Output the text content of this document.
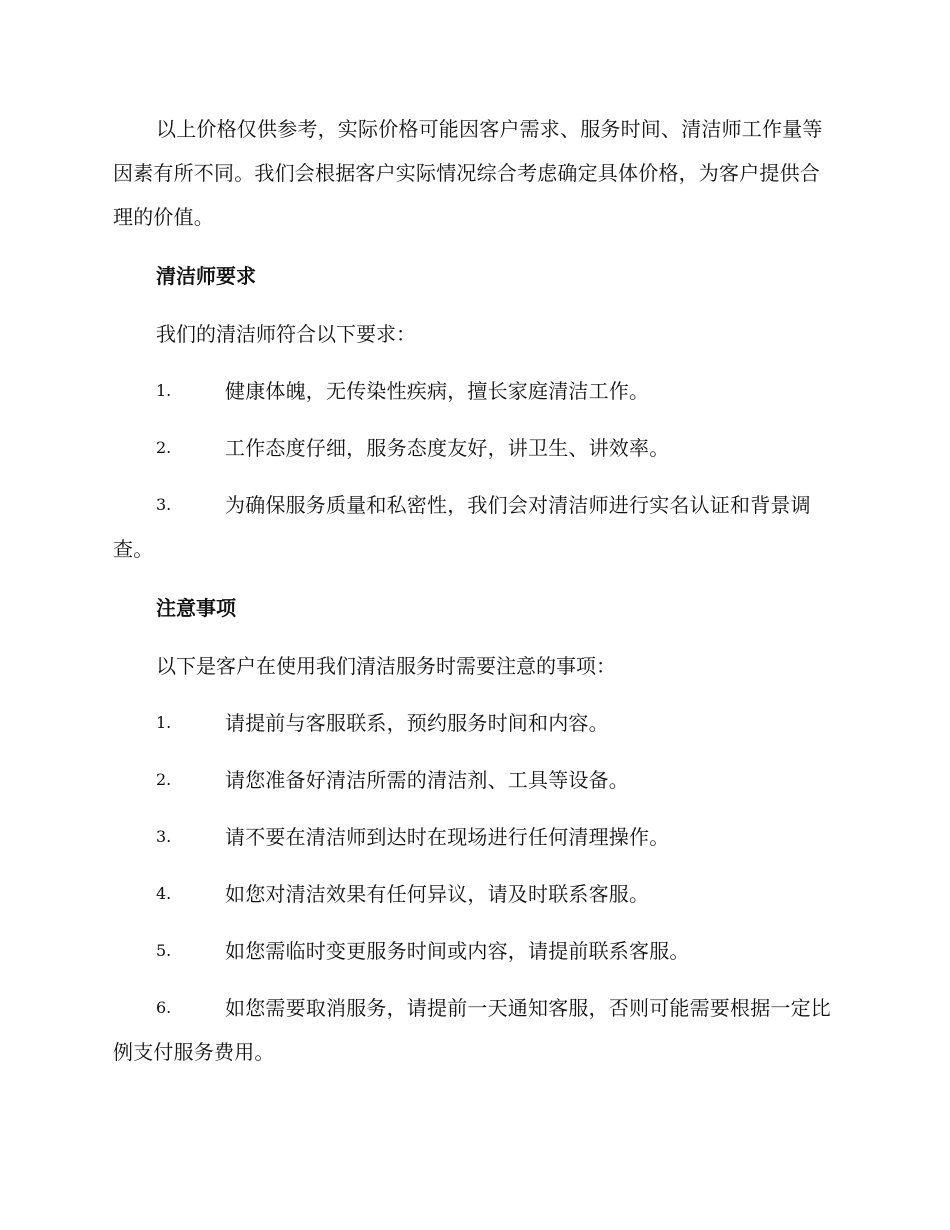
以上价格仅供参考，实际价格可能因客户需求、服务时间、清洁师工作量等因素有所不同。我们会根据客户实际情况综合考虑确定具体价格，为客户提供合理的价值。

清洁师要求

我们的清洁师符合以下要求：

1.	健康体魄，无传染性疾病，擅长家庭清洁工作。
2.	工作态度仔细，服务态度友好，讲卫生、讲效率。
3.	为确保服务质量和私密性，我们会对清洁师进行实名认证和背景调查。
注意事项

以下是客户在使用我们清洁服务时需要注意的事项：

1.	请提前与客服联系，预约服务时间和内容。
2.	请您准备好清洁所需的清洁剂、工具等设备。
3.	请不要在清洁师到达时在现场进行任何清理操作。
4.	如您对清洁效果有任何异议，请及时联系客服。
5.	如您需临时变更服务时间或内容，请提前联系客服。
6.	如您需要取消服务，请提前一天通知客服，否则可能需要根据一定比例支付服务费用。
